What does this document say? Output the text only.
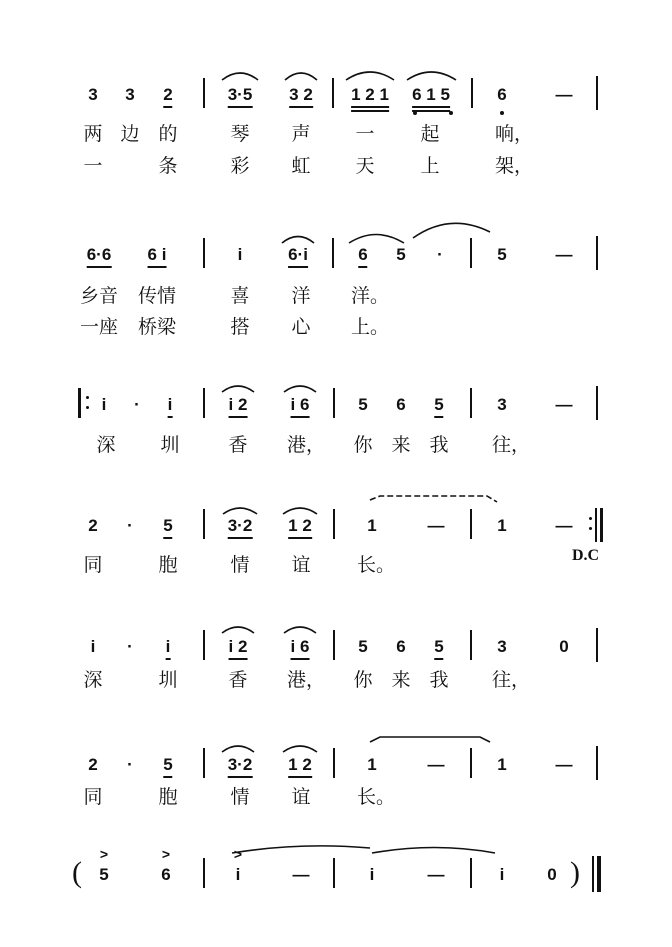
3 3 2	3·5 3 2 1 2 1 6 1 5	6	—
两 边 的	琴 声 一 起	响，
一	条	彩 虹 天 上	架，
6·6 6 i	i	6·i	6 5 ·	5	—
乡音 传情	喜 洋 洋。
一座 桥梁	搭 心 上。
i · i	i 2	i 6	5 6 5	3	—
深 圳	香 港， 你 来 我 往，
2 · 5	3·2 1 2	1	—	1	—
同	胞	情 谊 长。	D.C
i · i	i 2	i 6	5 6 5	3	0
深	圳	香 港， 你 来 我 往，
2 · 5	3·2 1 2	1	—	1	—
同	胞	情 谊 长。
(
>
5
>
6
>
i	—	i	—	i	0 )
